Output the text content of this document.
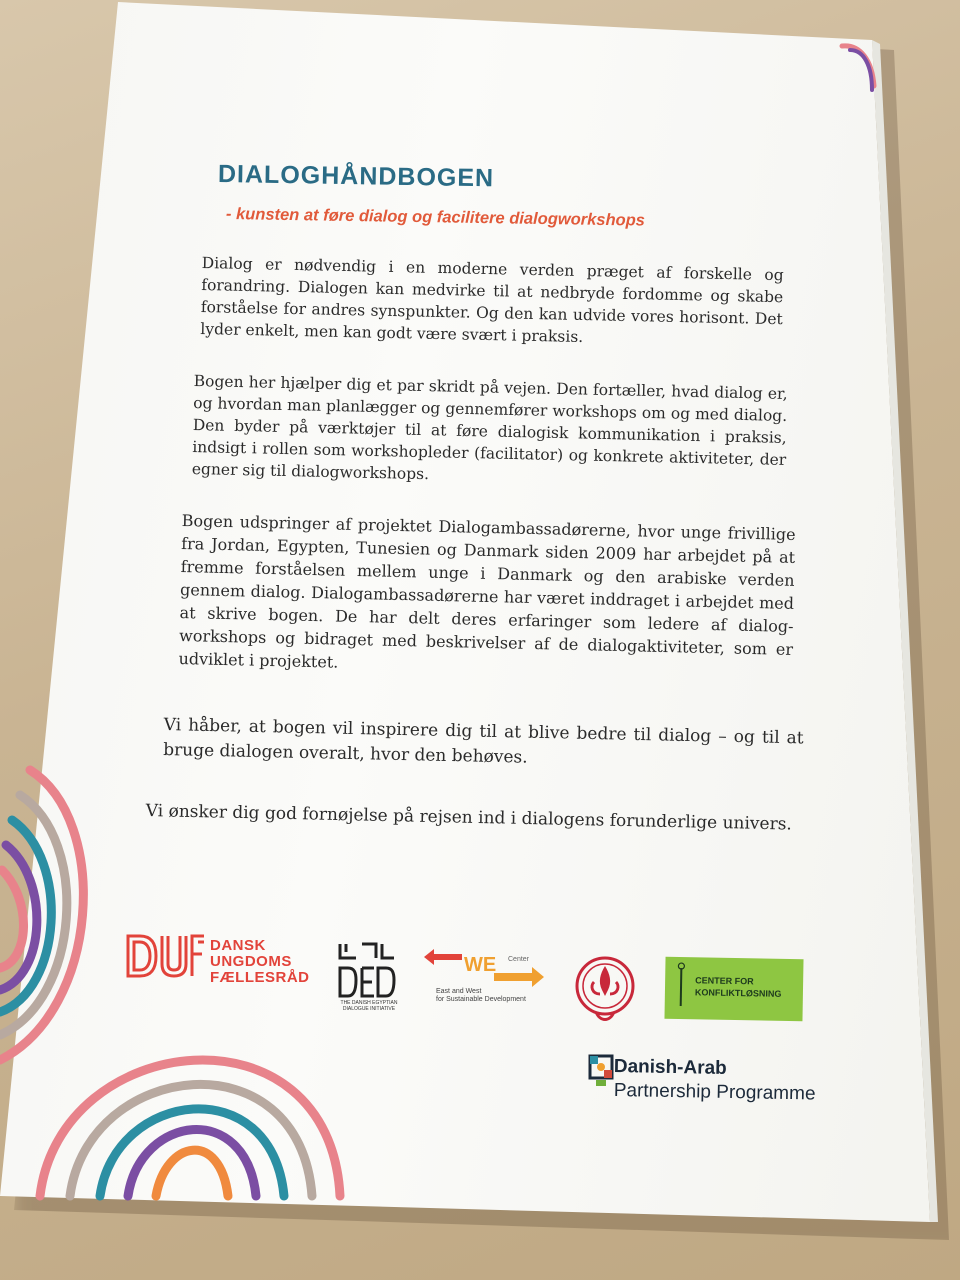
DIALOGHÅNDBOGEN
- kunsten at føre dialog og facilitere dialogworkshops

Dialog er nødvendig i en moderne verden præget af forskelle og forandring. Dialogen kan medvirke til at nedbryde fordomme og skabe forståelse for andres synspunkter. Og den kan udvide vores horisont. Det lyder enkelt, men kan godt være svært i praksis.

Bogen her hjælper dig et par skridt på vejen. Den fortæller, hvad dialog er, og hvordan man planlægger og gennemfører workshops om og med dialog. Den byder på værktøjer til at føre dialogisk kommunikation i praksis, indsigt i rollen som workshopleder (facilitator) og konkrete aktiviteter, der egner sig til dialogworkshops.

Bogen udspringer af projektet Dialogambassadørerne, hvor unge frivillige fra Jordan, Egypten, Tunesien og Danmark siden 2009 har arbejdet på at fremme forståelsen mellem unge i Danmark og den arabiske verden gennem dialog. Dialogambassadørerne har været inddraget i arbejdet med at skrive bogen. De har delt deres erfaringer som ledere af dialog- workshops og bidraget med beskrivelser af de dialogaktiviteter, som er udviklet i projektet.

Vi håber, at bogen vil inspirere dig til at blive bedre til dialog – og til at bruge dialogen overalt, hvor den behøves.

Vi ønsker dig god fornøjelse på rejsen ind i dialogens forunderlige univers.

DANSK
UNGDOMS
FÆLLESRÅD
THE DANISH EGYPTIAN DIALOGUE INITIATIVE
WE Center
East and West
for Sustainable Development
CENTER FOR
KONFLIKTLØSNING
Danish-Arab
Partnership Programme
